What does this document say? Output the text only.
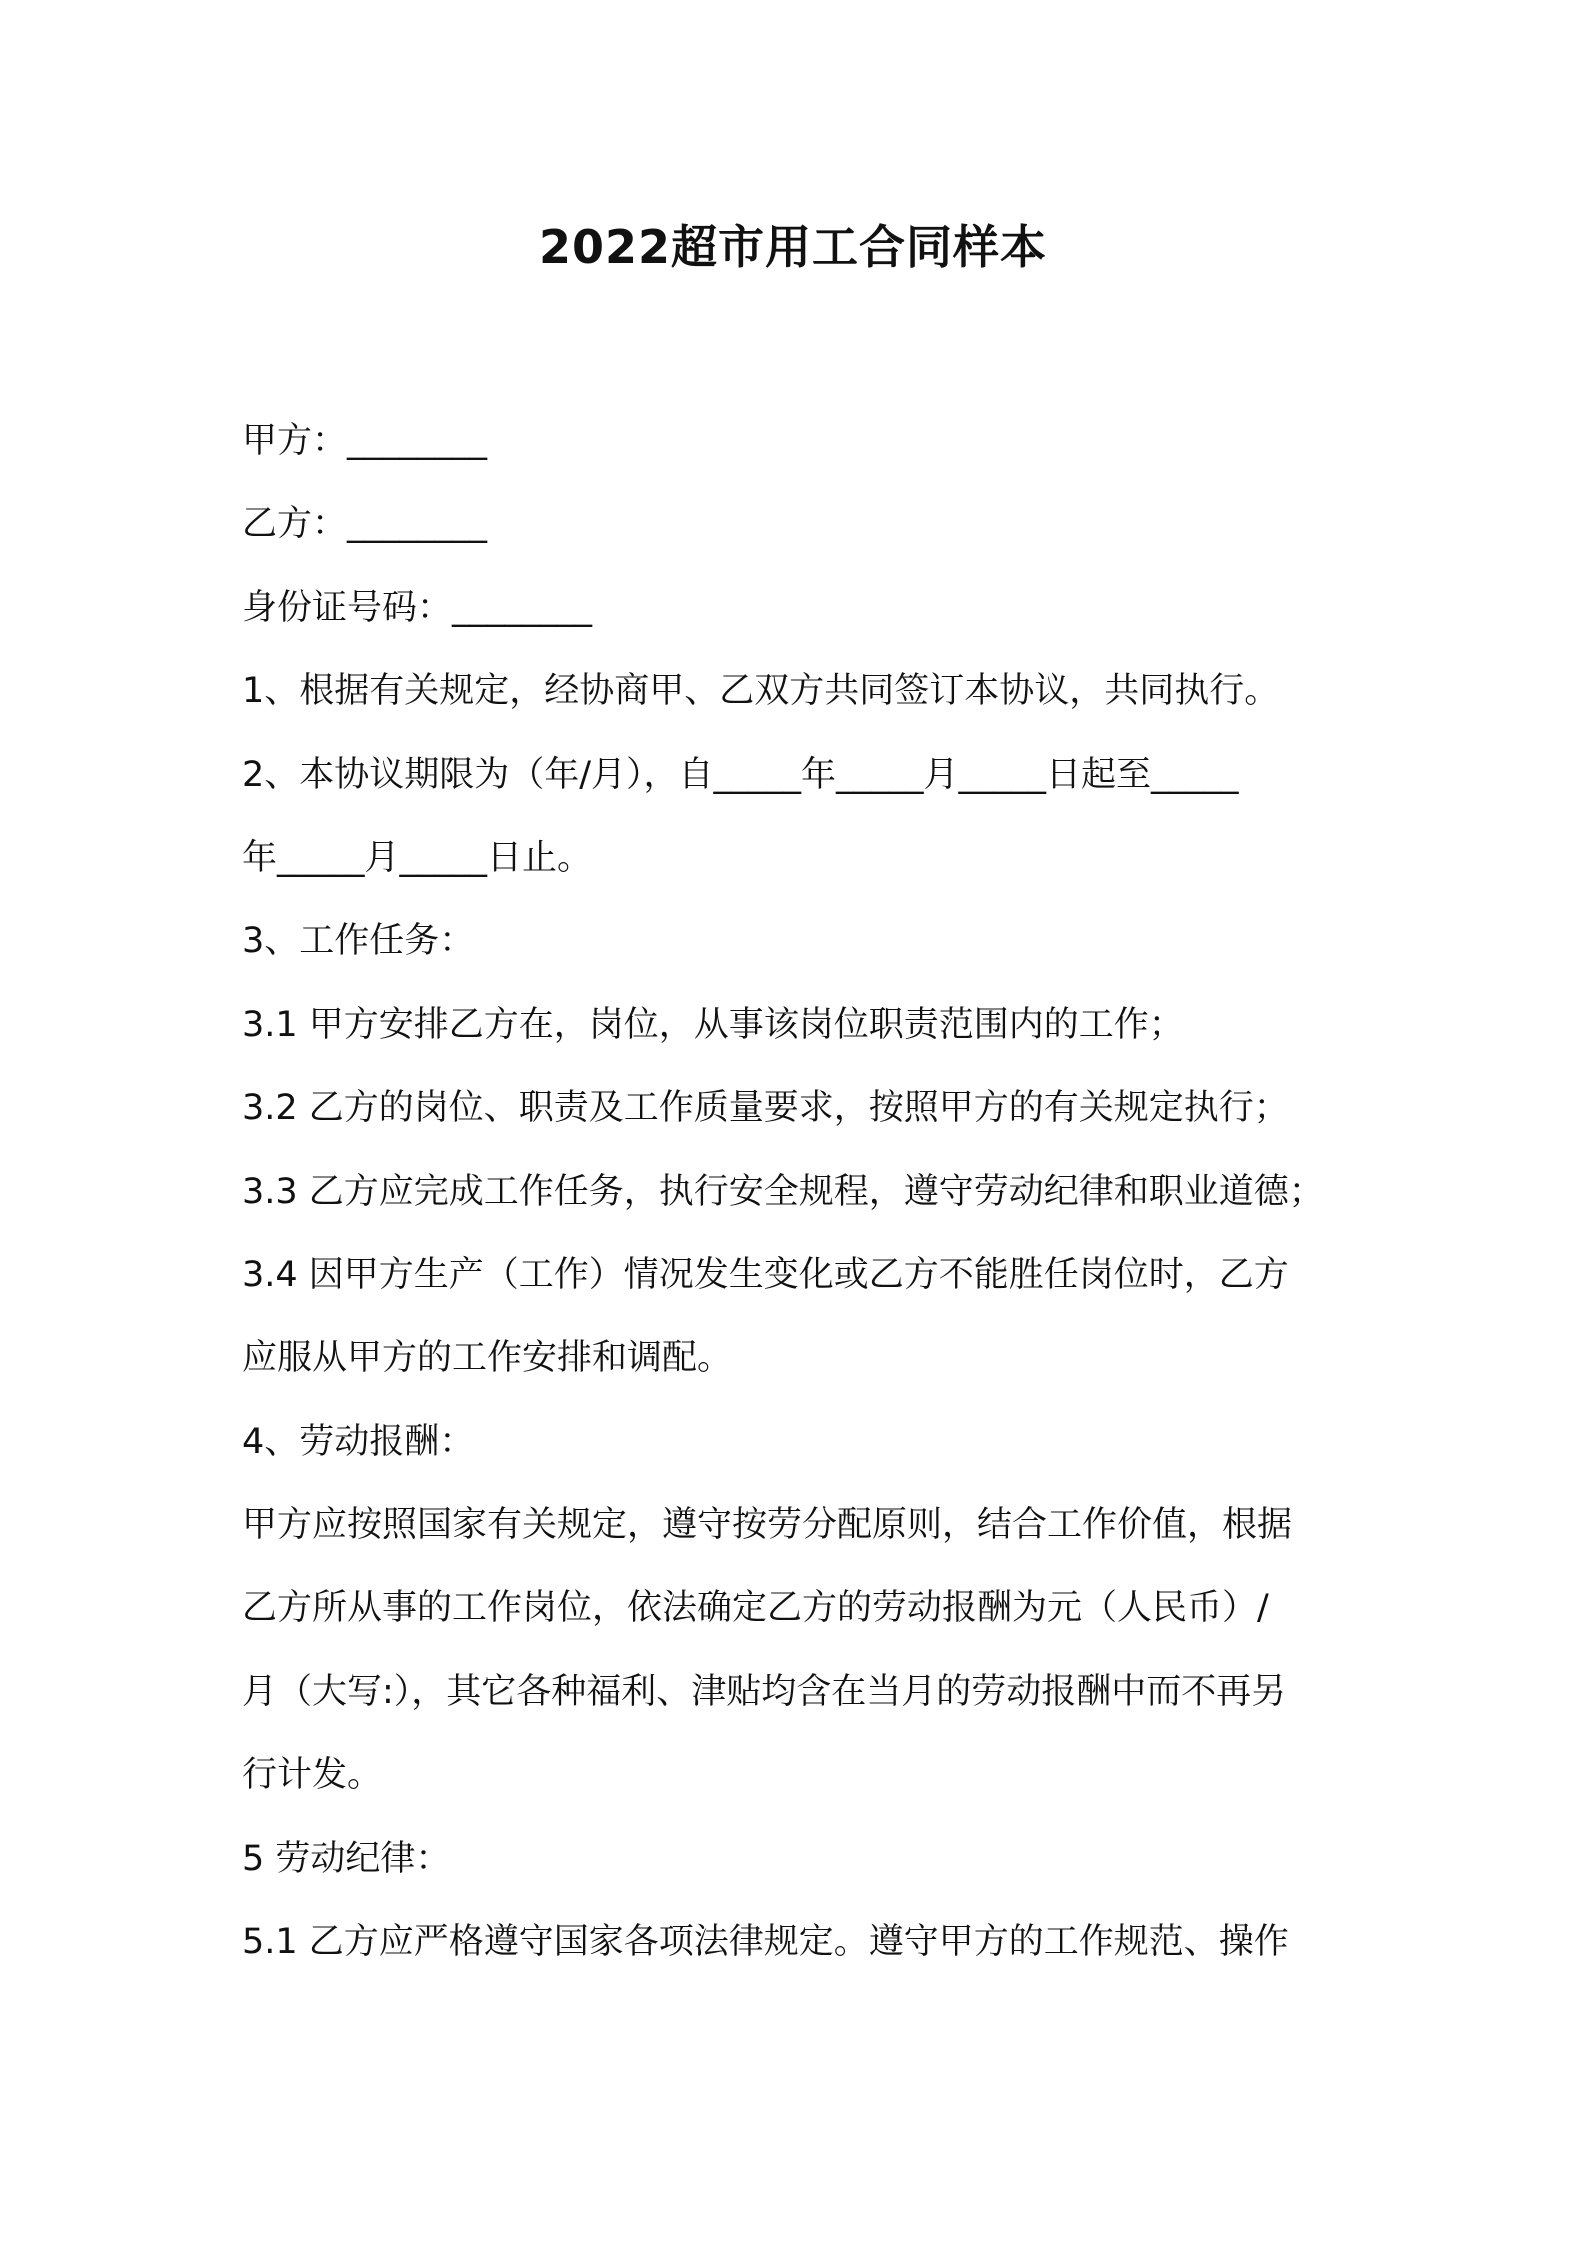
2022超市用工合同样本

甲方：________

乙方：________

身份证号码：________

1、根据有关规定，经协商甲、乙双方共同签订本协议，共同执行。

2、本协议期限为（年/月），自_____年_____月_____日起至_____

年_____月_____日止。

3、工作任务：

3.1 甲方安排乙方在，岗位，从事该岗位职责范围内的工作；

3.2 乙方的岗位、职责及工作质量要求，按照甲方的有关规定执行；

3.3 乙方应完成工作任务，执行安全规程，遵守劳动纪律和职业道德；

3.4 因甲方生产（工作）情况发生变化或乙方不能胜任岗位时，乙方

应服从甲方的工作安排和调配。

4、劳动报酬：

甲方应按照国家有关规定，遵守按劳分配原则，结合工作价值，根据

乙方所从事的工作岗位，依法确定乙方的劳动报酬为元（人民币）/

月（大写:），其它各种福利、津贴均含在当月的劳动报酬中而不再另

行计发。

5 劳动纪律：

5.1 乙方应严格遵守国家各项法律规定。遵守甲方的工作规范、操作
